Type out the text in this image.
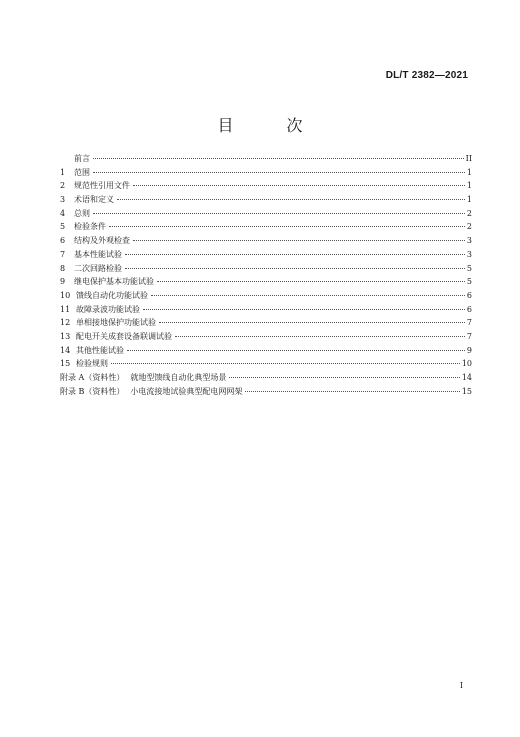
DL/T 2382—2021
目 次
前言	II
1	范围	1
2	规范性引用文件	1
3	术语和定义	1
4	总则	2
5	检验条件	2
6	结构及外观检查	3
7	基本性能试验	3
8	二次回路检验	5
9	继电保护基本功能试验	5
10 馈线自动化功能试验	6
11 故障录波功能试验	6
12 单相接地保护功能试验	7
13 配电开关成套设备联调试验	7
14 其他性能试验	9
15 检验规则	10
附录 A（资料性） 就地型馈线自动化典型场景	14
附录 B（资料性） 小电流接地试验典型配电网网架	15
I
